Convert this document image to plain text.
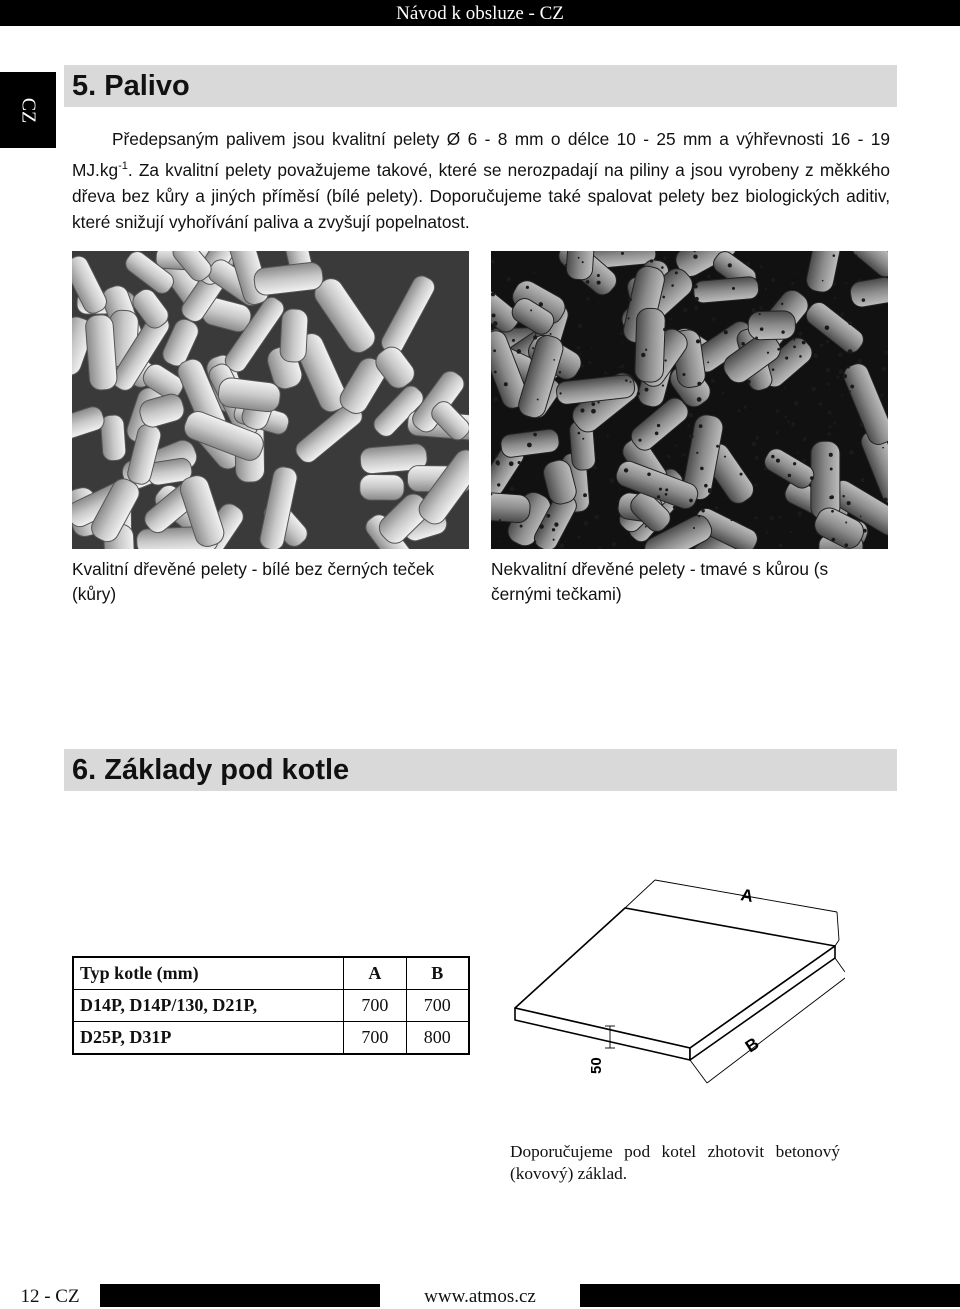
Návod k obsluze - CZ
CZ
5. Palivo
Předepsaným palivem jsou kvalitní pelety Ø 6 - 8 mm o délce 10 - 25 mm a výhřevnosti 16 - 19 $MJ.kg^{-1}$. Za kvalitní pelety považujeme takové, které se nerozpadají na piliny a jsou vyrobeny z měkkého dřeva bez kůry a jiných příměsí (bílé pelety). Doporučujeme také spalovat pelety bez biologických aditiv, které snižují vyhořívání paliva a zvyšují popelnatost.
Kvalitní dřevěné pelety - bílé bez černých teček (kůry)
Nekvalitní dřevěné pelety - tmavé s kůrou (s černými tečkami)
6. Základy pod kotle
Typ kotle (mm)	A	B
D14P, D14P/130, D21P,	700	700
D25P, D31P	700	800
A
B
50
Doporučujeme pod kotel zhotovit betonový (kovový) základ.
12 - CZ	www.atmos.cz
